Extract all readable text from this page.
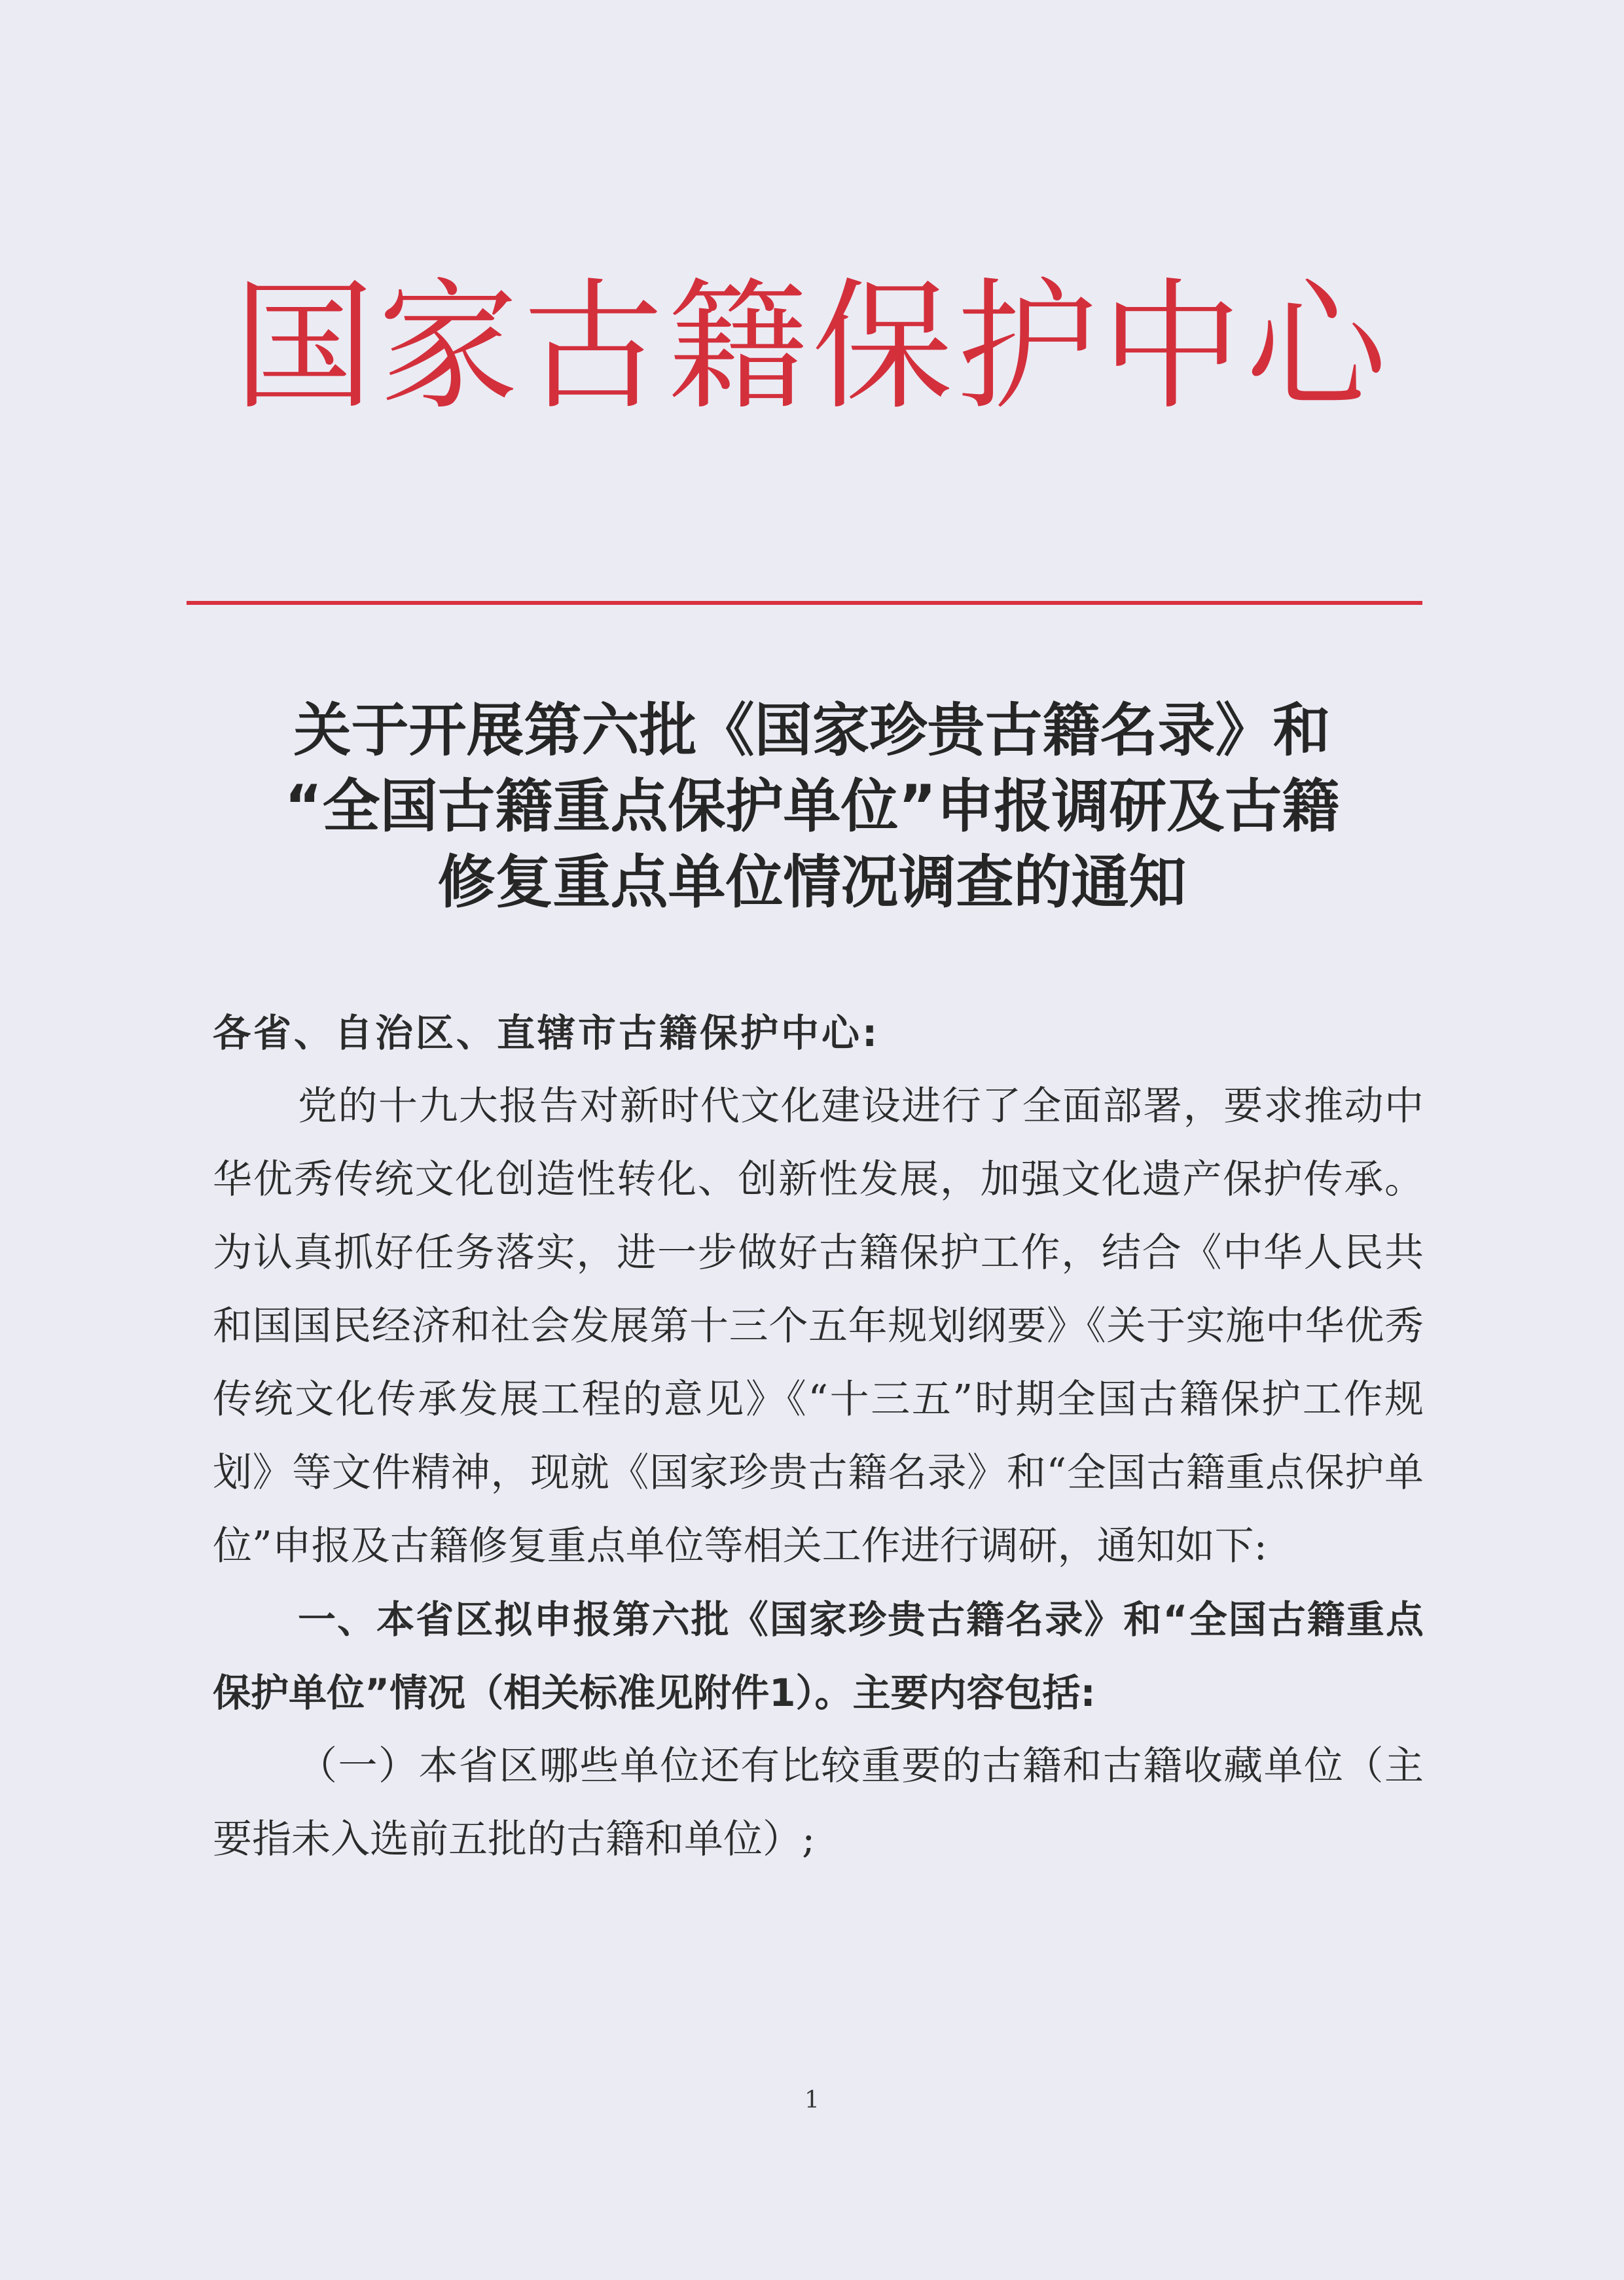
国家古籍保护中心
关于开展第六批《国家珍贵古籍名录》和
“全国古籍重点保护单位”申报调研及古籍
修复重点单位情况调查的通知

各省、自治区、直辖市古籍保护中心:

党的十九大报告对新时代文化建设进行了全面部署，要求推动中华优秀传统文化创造性转化、创新性发展，加强文化遗产保护传承。为认真抓好任务落实，进一步做好古籍保护工作，结合《中华人民共和国国民经济和社会发展第十三个五年规划纲要》《关于实施中华优秀传统文化传承发展工程的意见》《“十三五”时期全国古籍保护工作规划》等文件精神，现就《国家珍贵古籍名录》和“全国古籍重点保护单位”申报及古籍修复重点单位等相关工作进行调研，通知如下:

一、本省区拟申报第六批《国家珍贵古籍名录》和“全国古籍重点保护单位”情况（相关标准见附件1）。主要内容包括:

（一）本省区哪些单位还有比较重要的古籍和古籍收藏单位（主要指未入选前五批的古籍和单位）;

1
